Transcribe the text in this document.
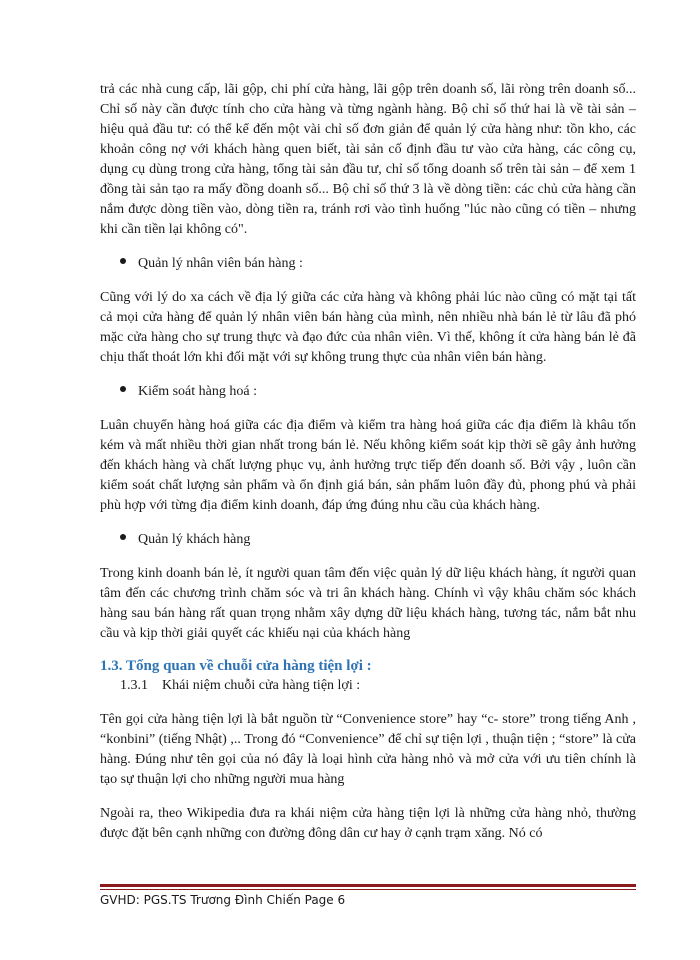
trả các nhà cung cấp, lãi gộp, chi phí cửa hàng, lãi gộp trên doanh số, lãi ròng trên doanh số... Chỉ số này cần được tính cho cửa hàng và từng ngành hàng. Bộ chỉ số thứ hai là về tài sản – hiệu quả đầu tư: có thể kể đến một vài chỉ số đơn giản để quản lý cửa hàng như: tồn kho, các khoản công nợ với khách hàng quen biết, tài sản cố định đầu tư vào cửa hàng, các công cụ, dụng cụ dùng trong cửa hàng, tổng tài sản đầu tư, chỉ số tổng doanh số trên tài sản – để xem 1 đồng tài sản tạo ra mấy đồng doanh số... Bộ chỉ số thứ 3 là về dòng tiền: các chủ cửa hàng cần nắm được dòng tiền vào, dòng tiền ra, tránh rơi vào tình huống "lúc nào cũng có tiền – nhưng khi cần tiền lại không có".

Quản lý nhân viên bán hàng :

Cũng với lý do xa cách về địa lý giữa các cửa hàng và không phải lúc nào cũng có mặt tại tất cả mọi cửa hàng để quản lý nhân viên bán hàng của mình, nên nhiều nhà bán lẻ từ lâu đã phó mặc cửa hàng cho sự trung thực và đạo đức của nhân viên. Vì thế, không ít cửa hàng bán lẻ đã chịu thất thoát lớn khi đối mặt với sự không trung thực của nhân viên bán hàng.

Kiểm soát hàng hoá :

Luân chuyển hàng hoá giữa các địa điểm và kiểm tra hàng hoá giữa các địa điểm là khâu tốn kém và mất nhiều thời gian nhất trong bán lẻ. Nếu không kiểm soát kịp thời sẽ gây ảnh hưởng đến khách hàng và chất lượng phục vụ, ảnh hưởng trực tiếp đến doanh số. Bởi vậy , luôn cần kiểm soát chất lượng sản phẩm và ổn định giá bán, sản phẩm luôn đầy đủ, phong phú và phải phù hợp với từng địa điểm kinh doanh, đáp ứng đúng nhu cầu của khách hàng.

Quản lý khách hàng

Trong kinh doanh bán lẻ, ít người quan tâm đến việc quản lý dữ liệu khách hàng, ít người quan tâm đến các chương trình chăm sóc và tri ân khách hàng. Chính vì vậy khâu chăm sóc khách hàng sau bán hàng rất quan trọng nhằm xây dựng dữ liệu khách hàng, tương tác, nắm bắt nhu cầu và kịp thời giải quyết các khiếu nại của khách hàng

1.3. Tổng quan về chuỗi cửa hàng tiện lợi :

1.3.1 Khái niệm chuỗi cửa hàng tiện lợi :

Tên gọi cửa hàng tiện lợi là bắt nguồn từ “Convenience store” hay “c- store” trong tiếng Anh , “konbini” (tiếng Nhật) ,.. Trong đó “Convenience” để chỉ sự tiện lợi , thuận tiện ; “store” là cửa hàng. Đúng như tên gọi của nó đây là loại hình cửa hàng nhỏ và mở cửa với ưu tiên chính là tạo sự thuận lợi cho những người mua hàng

Ngoài ra, theo Wikipedia đưa ra khái niệm cửa hàng tiện lợi là những cửa hàng nhỏ, thường được đặt bên cạnh những con đường đông dân cư hay ở cạnh trạm xăng. Nó có

GVHD: PGS.TS Trương Đình Chiến Page 6
